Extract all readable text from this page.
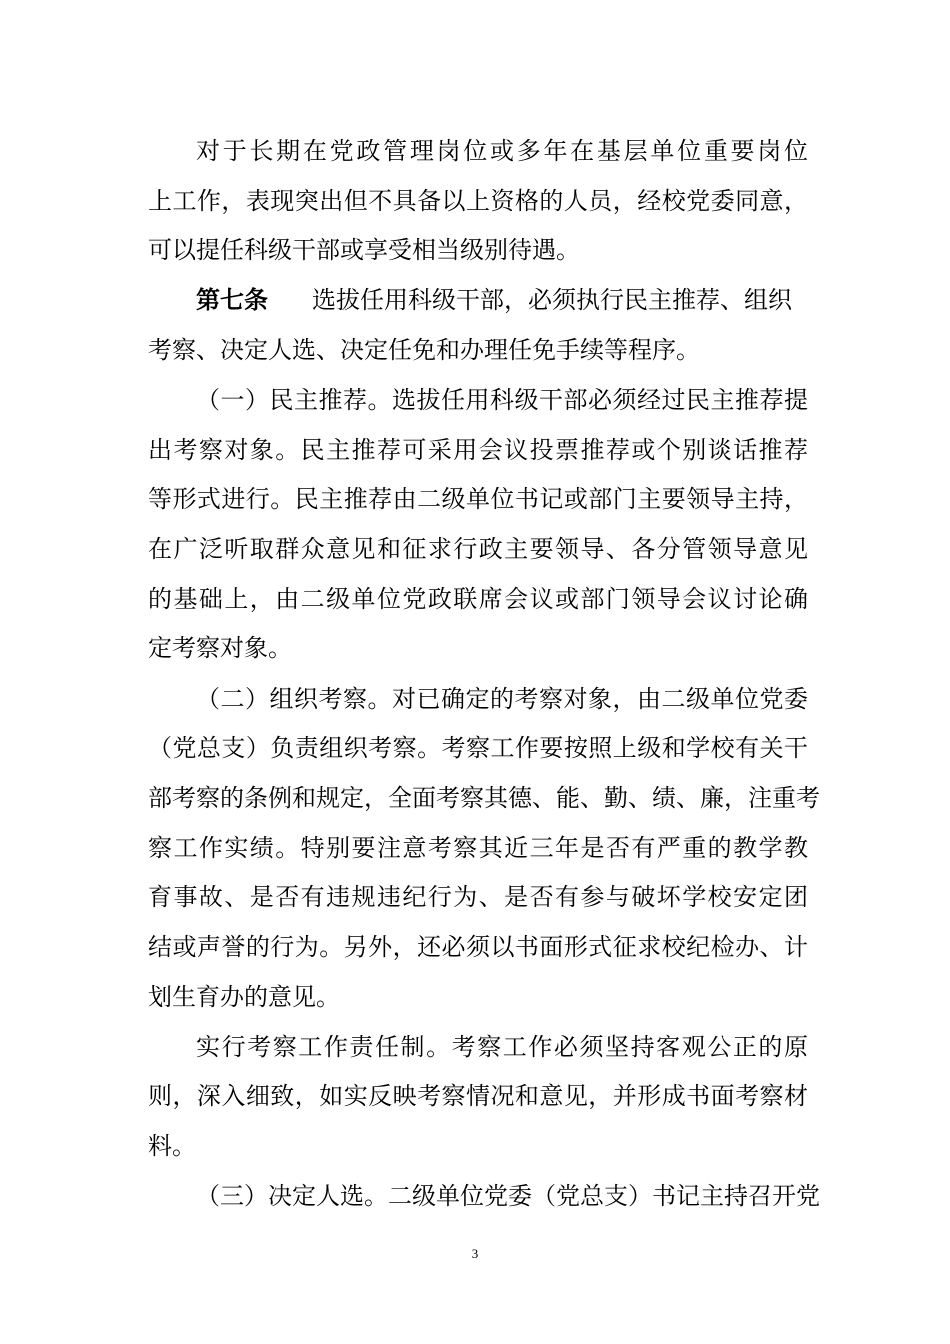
对于长期在党政管理岗位或多年在基层单位重要岗位
上工作，表现突出但不具备以上资格的人员，经校党委同意，
可以提任科级干部或享受相当级别待遇。
第七条 选拔任用科级干部，必须执行民主推荐、组织
考察、决定人选、决定任免和办理任免手续等程序。
（一）民主推荐。选拔任用科级干部必须经过民主推荐提
出考察对象。民主推荐可采用会议投票推荐或个别谈话推荐
等形式进行。民主推荐由二级单位书记或部门主要领导主持，
在广泛听取群众意见和征求行政主要领导、各分管领导意见
的基础上，由二级单位党政联席会议或部门领导会议讨论确
定考察对象。
（二）组织考察。对已确定的考察对象，由二级单位党委
（党总支）负责组织考察。考察工作要按照上级和学校有关干
部考察的条例和规定，全面考察其德、能、勤、绩、廉，注重考
察工作实绩。特别要注意考察其近三年是否有严重的教学教
育事故、是否有违规违纪行为、是否有参与破坏学校安定团
结或声誉的行为。另外，还必须以书面形式征求校纪检办、计
划生育办的意见。
实行考察工作责任制。考察工作必须坚持客观公正的原
则，深入细致，如实反映考察情况和意见，并形成书面考察材
料。
（三）决定人选。二级单位党委（党总支）书记主持召开党
3
